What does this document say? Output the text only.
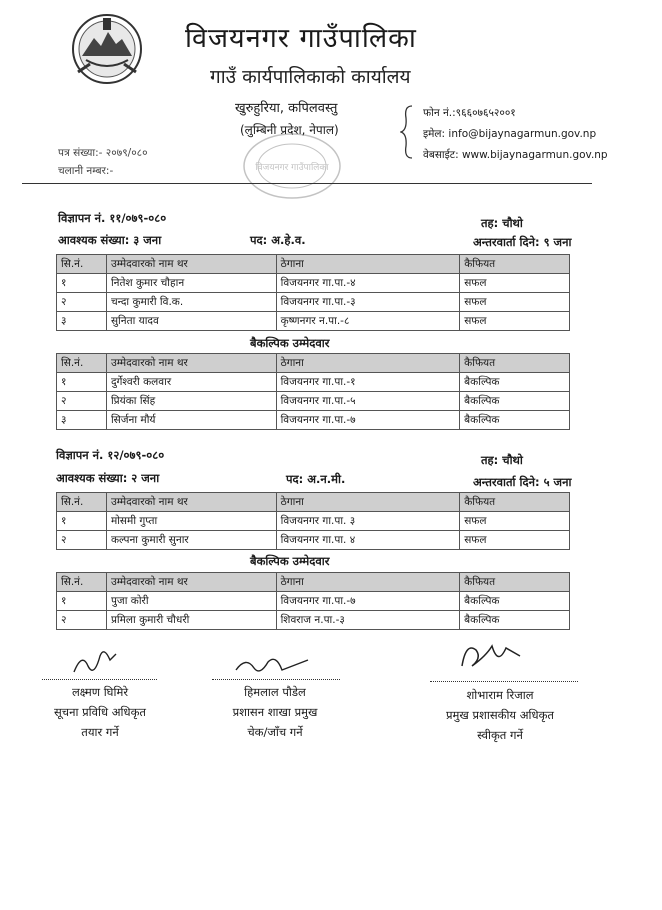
विजयनगर गाउँपालिका
गाउँ कार्यपालिकाको कार्यालय
खुरुहुरिया, कपिलवस्तु
(लुम्बिनी प्रदेश, नेपाल)
फोन नं.:९६६०७६५२००१
इमेल: info@bijaynagarmun.gov.np
वेबसाईट: www.bijaynagarmun.gov.np
पत्र संख्या:- २०७९/०८०
चलानी नम्बर:-	विजयनगर गाउँपालिका
विज्ञापन नं. ११/०७९-०८०	तह: चौथो
आवश्यक संख्या: ३ जना	पद: अ.हे.व.	अन्तरवार्ता दिने: ९ जना
सि.नं.	उम्मेदवारको नाम थर	ठेगाना	कैफियत
१	नितेश कुमार चौहान	विजयनगर गा.पा.-४	सफल
२	चन्दा कुमारी वि.क.	विजयनगर गा.पा.-३	सफल
३	सुनिता यादव	कृष्णनगर न.पा.-८	सफल
बैकल्पिक उम्मेदवार
सि.नं.	उम्मेदवारको नाम थर	ठेगाना	कैफियत
१	दुर्गेश्वरी कलवार	विजयनगर गा.पा.-१	बैकल्पिक
२	प्रियंका सिंह	विजयनगर गा.पा.-५	बैकल्पिक
३	सिर्जना मौर्य	विजयनगर गा.पा.-७	बैकल्पिक
विज्ञापन नं. १२/०७९-०८०	तह: चौथो
आवश्यक संख्या: २ जना	पद: अ.न.मी.	अन्तरवार्ता दिने: ५ जना
सि.नं.	उम्मेदवारको नाम थर	ठेगाना	कैफियत
१	मोसमी गुप्ता	विजयनगर गा.पा. ३	सफल
२	कल्पना कुमारी सुनार	विजयनगर गा.पा. ४	सफल
बैकल्पिक उम्मेदवार
सि.नं.	उम्मेदवारको नाम थर	ठेगाना	कैफियत
१	पुजा कोरी	विजयनगर गा.पा.-७	बैकल्पिक
२	प्रमिला कुमारी चौधरी	शिवराज न.पा.-३	बैकल्पिक
लक्ष्मण घिमिरे
सूचना प्रविधि अधिकृत
तयार गर्ने
हिमलाल पौडेल
प्रशासन शाखा प्रमुख
चेक/जाँच गर्ने
शोभाराम रिजाल
प्रमुख प्रशासकीय अधिकृत
स्वीकृत गर्ने
